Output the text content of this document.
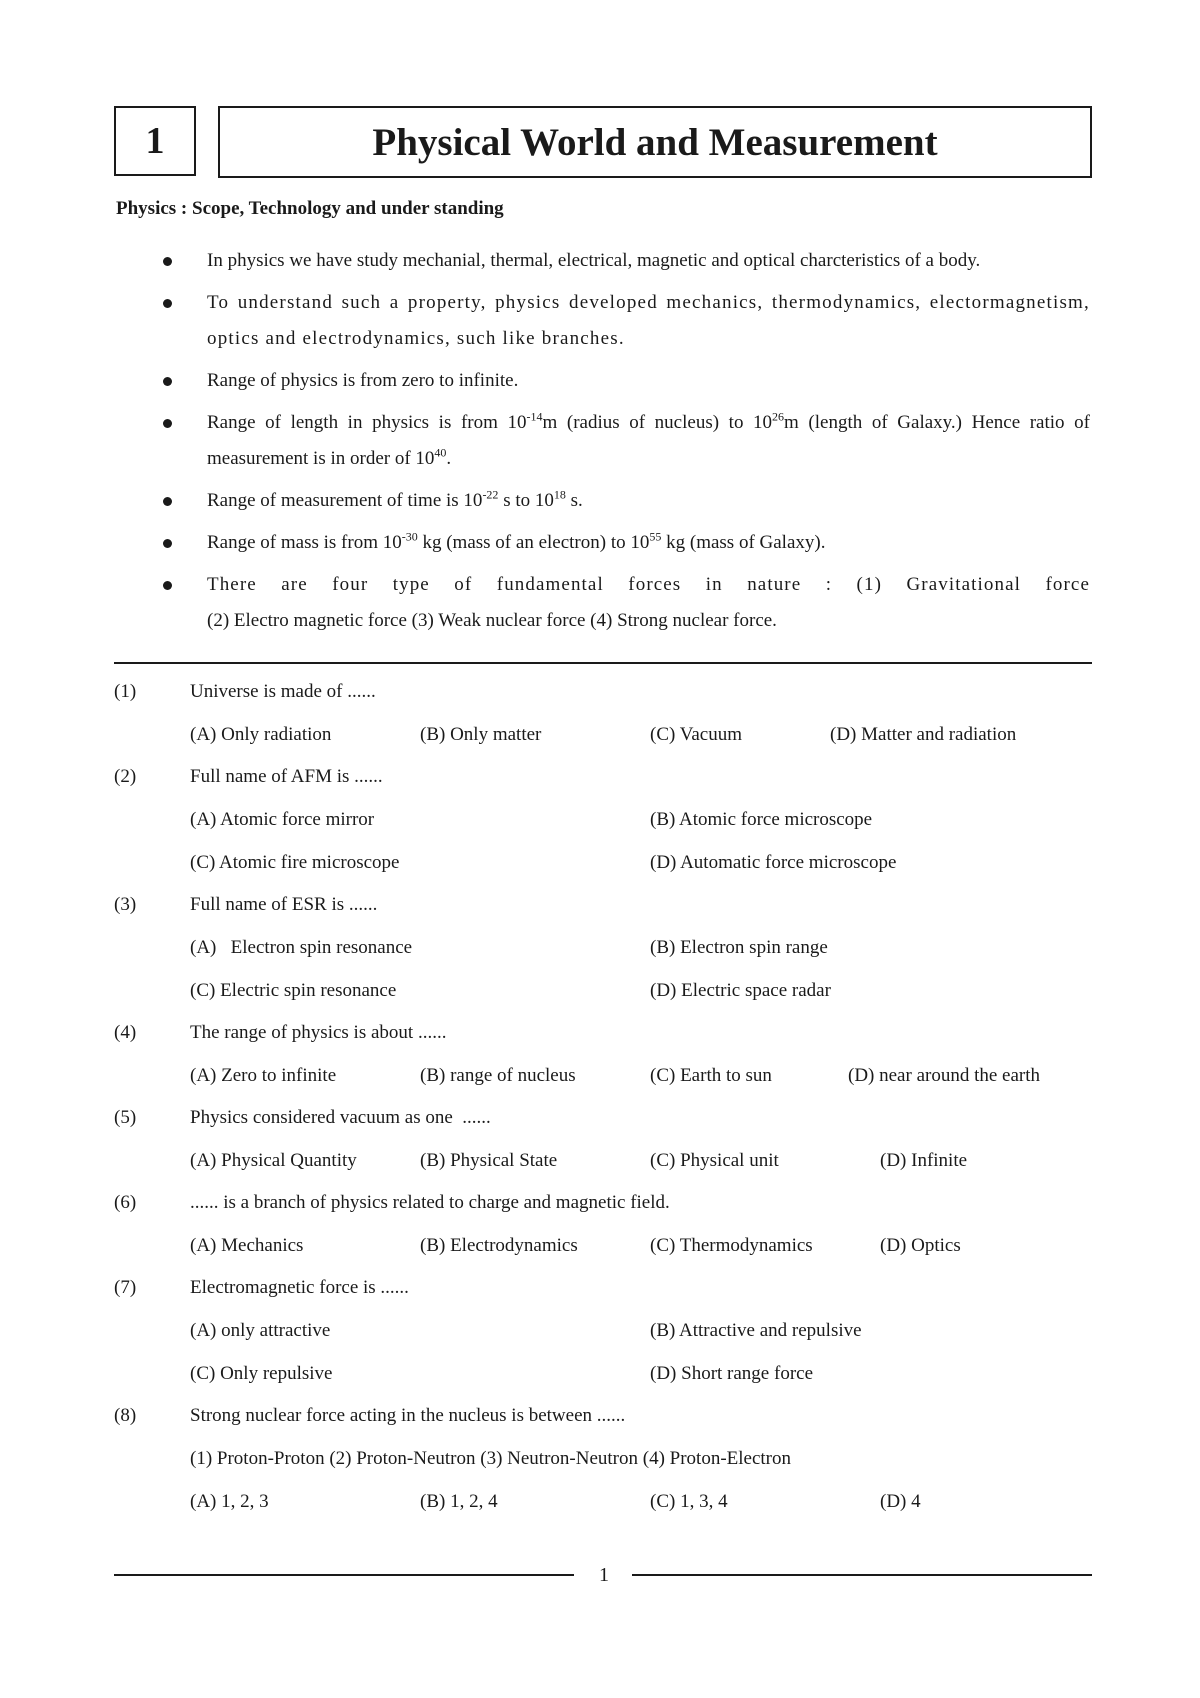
1	Physical World and Measurement
Physics : Scope, Technology and under standing
In physics we have study mechanial, thermal, electrical, magnetic and optical charcteristics of a body.
To understand such a property, physics developed mechanics, thermodynamics, electormagnetism, optics and electrodynamics, such like branches.
Range of physics is from zero to infinite.
Range of length in physics is from $10^{-14}m$ (radius of nucleus) to $10^{26}m$ (length of Galaxy.) Hence ratio of measurement is in order of $10^{40}$.
Range of measurement of time is $10^{-22}$ s to $10^{18}$ s.
Range of mass is from $10^{-30}$ kg (mass of an electron) to $10^{55}$ kg (mass of Galaxy).
There are four type of fundamental forces in nature : (1) Gravitational force
(2) Electro magnetic force (3) Weak nuclear force (4) Strong nuclear force.
(1)	Universe is made of ......
(A) Only radiation	(B) Only matter	(C) Vacuum	(D) Matter and radiation
(2)	Full name of AFM is ......
(A) Atomic force mirror	(B) Atomic force microscope
(C) Atomic fire microscope	(D) Automatic force microscope
(3)	Full name of ESR is ......
(A)   Electron spin resonance	(B) Electron spin range
(C) Electric spin resonance	(D) Electric space radar
(4)	The range of physics is about ......
(A) Zero to infinite	(B) range of nucleus	(C) Earth to sun	(D) near around the earth
(5)	Physics considered vacuum as one  ......
(A) Physical Quantity	(B) Physical State	(C) Physical unit	(D) Infinite
(6)	...... is a branch of physics related to charge and magnetic field.
(A) Mechanics	(B) Electrodynamics	(C) Thermodynamics	(D) Optics
(7)	Electromagnetic force is ......
(A) only attractive	(B) Attractive and repulsive
(C) Only repulsive	(D) Short range force
(8)	Strong nuclear force acting in the nucleus is between ......
(1) Proton-Proton (2) Proton-Neutron (3) Neutron-Neutron (4) Proton-Electron
(A) 1, 2, 3	(B) 1, 2, 4	(C) 1, 3, 4	(D) 4
1
